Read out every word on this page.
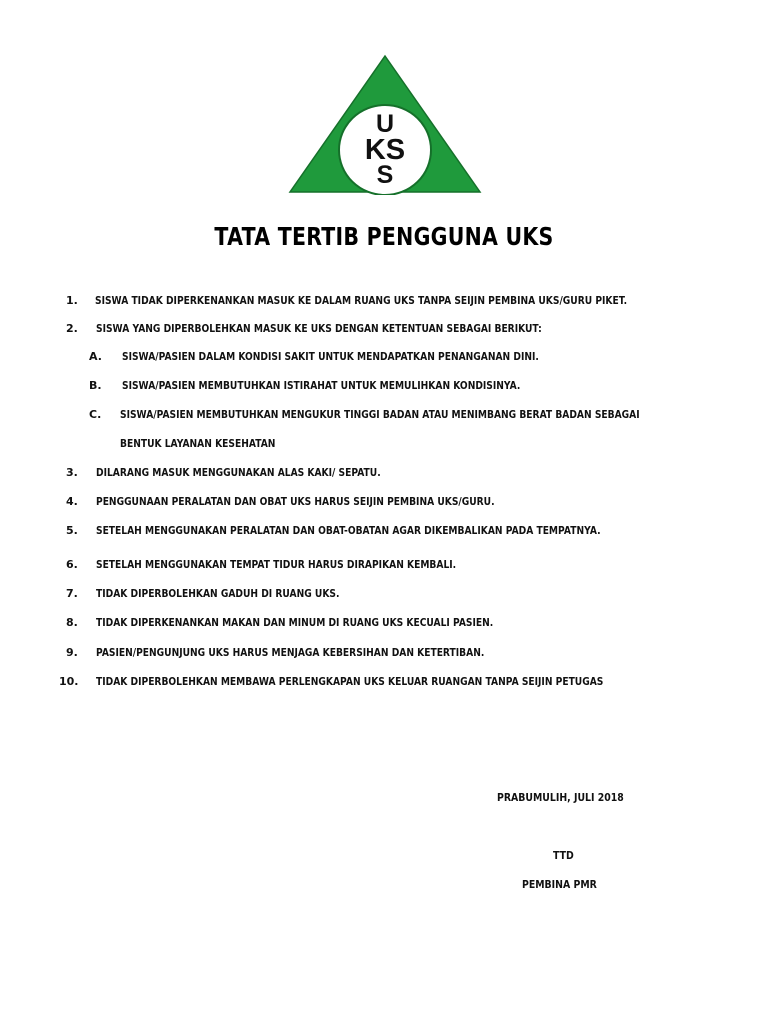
U
KS
S
TATA TERTIB PENGGUNA UKS
1. SISWA TIDAK DIPERKENANKAN MASUK KE DALAM RUANG UKS TANPA SEIJIN PEMBINA UKS/GURU PIKET.
2. SISWA YANG DIPERBOLEHKAN MASUK KE UKS DENGAN KETENTUAN SEBAGAI BERIKUT:
A. SISWA/PASIEN DALAM KONDISI SAKIT UNTUK MENDAPATKAN PENANGANAN DINI.
B. SISWA/PASIEN MEMBUTUHKAN ISTIRAHAT UNTUK MEMULIHKAN KONDISINYA.
C. SISWA/PASIEN MEMBUTUHKAN MENGUKUR TINGGI BADAN ATAU MENIMBANG BERAT BADAN SEBAGAI
BENTUK LAYANAN KESEHATAN
3. DILARANG MASUK MENGGUNAKAN ALAS KAKI/ SEPATU.
4. PENGGUNAAN PERALATAN DAN OBAT UKS HARUS SEIJIN PEMBINA UKS/GURU.
5. SETELAH MENGGUNAKAN PERALATAN DAN OBAT-OBATAN AGAR DIKEMBALIKAN PADA TEMPATNYA.
6. SETELAH MENGGUNAKAN TEMPAT TIDUR HARUS DIRAPIKAN KEMBALI.
7. TIDAK DIPERBOLEHKAN GADUH DI RUANG UKS.
8. TIDAK DIPERKENANKAN MAKAN DAN MINUM DI RUANG UKS KECUALI PASIEN.
9. PASIEN/PENGUNJUNG UKS HARUS MENJAGA KEBERSIHAN DAN KETERTIBAN.
10. TIDAK DIPERBOLEHKAN MEMBAWA PERLENGKAPAN UKS KELUAR RUANGAN TANPA SEIJIN PETUGAS
PRABUMULIH, JULI 2018
TTD
PEMBINA PMR
